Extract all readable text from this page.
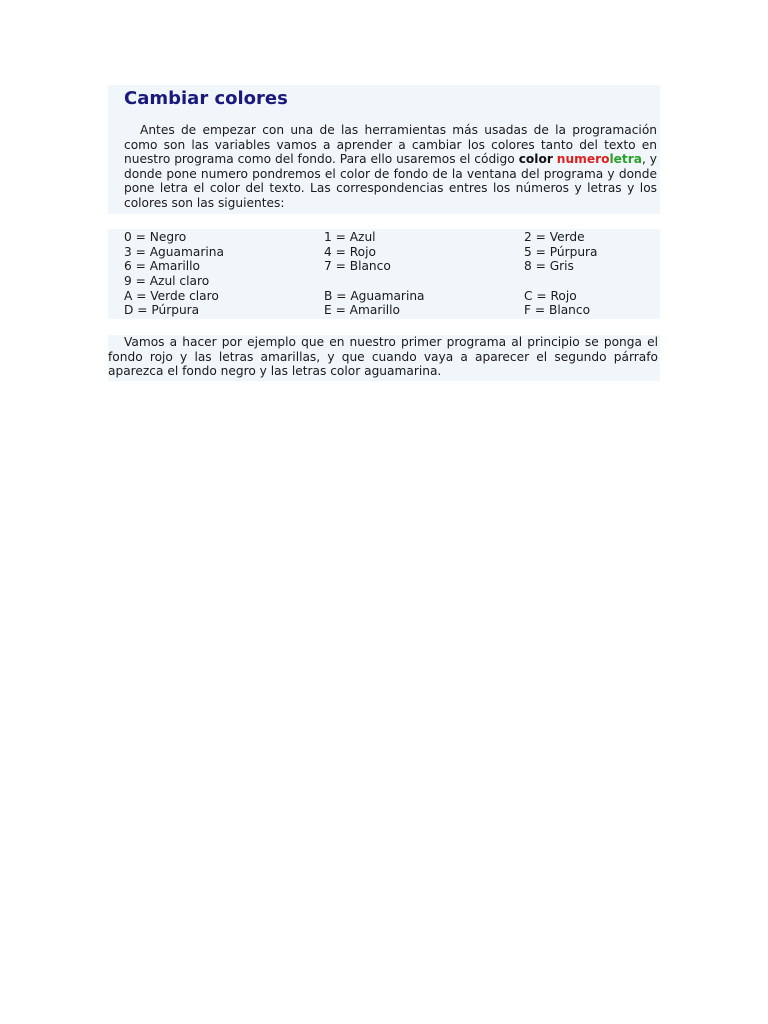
Cambiar colores

Antes de empezar con una de las herramientas más usadas de la programación como son las variables vamos a aprender a cambiar los colores tanto del texto en nuestro programa como del fondo. Para ello usaremos el código color numeroletra, y donde pone numero pondremos el color de fondo de la ventana del programa y donde pone letra el color del texto. Las correspondencias entres los números y letras y los colores son las siguientes:

0 = Negro	1 = Azul	2 = Verde
3 = Aguamarina	4 = Rojo	5 = Púrpura
6 = Amarillo	7 = Blanco	8 = Gris
9 = Azul claro
A = Verde claro	B = Aguamarina	C = Rojo
D = Púrpura	E = Amarillo	F = Blanco

Vamos a hacer por ejemplo que en nuestro primer programa al principio se ponga el fondo rojo y las letras amarillas, y que cuando vaya a aparecer el segundo párrafo aparezca el fondo negro y las letras color aguamarina.
